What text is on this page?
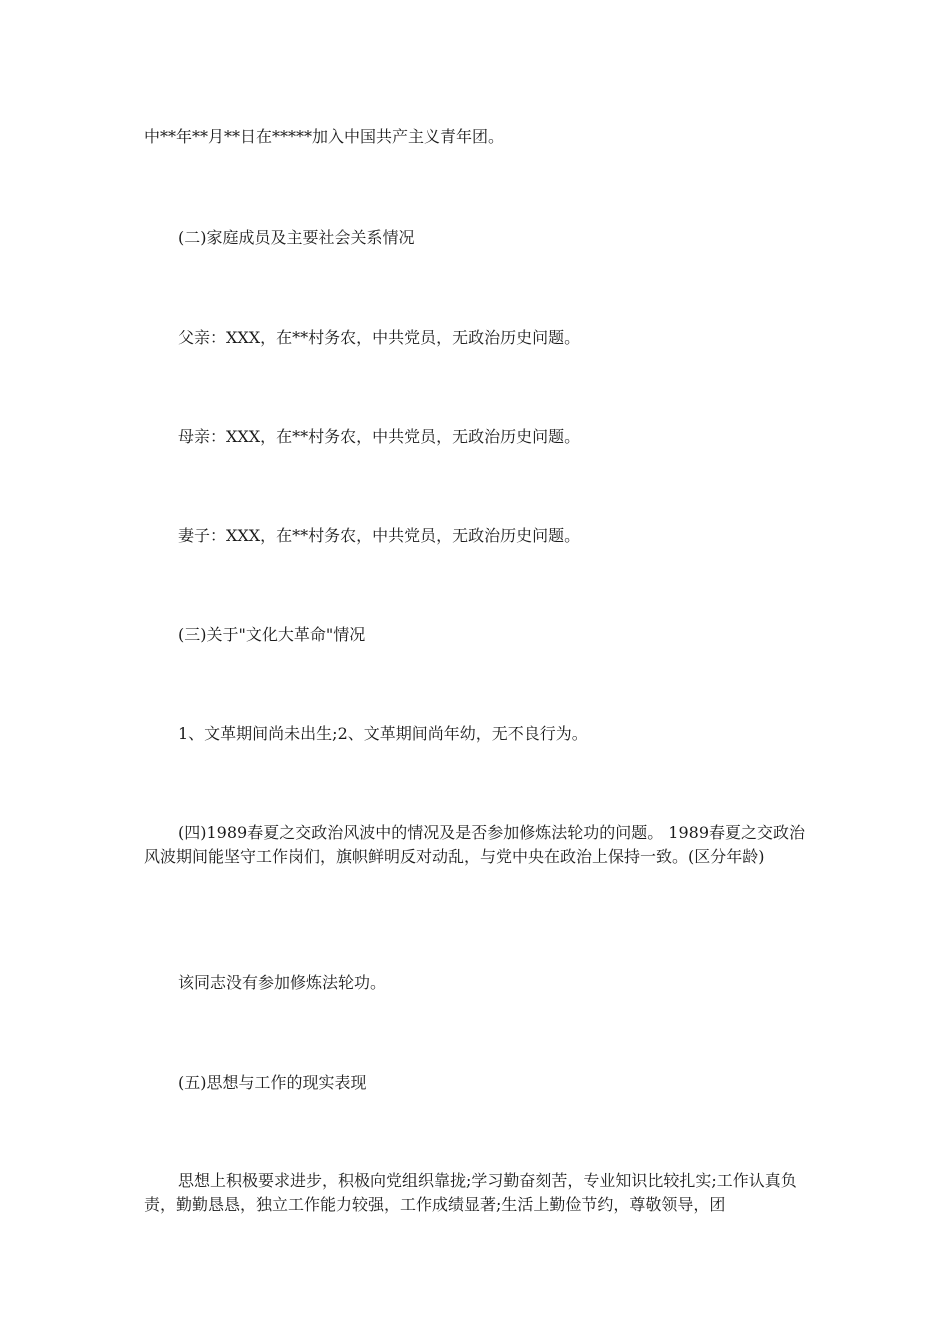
中**年**月**日在*****加入中国共产主义青年团。

(二)家庭成员及主要社会关系情况

父亲：XXX，在**村务农，中共党员，无政治历史问题。

母亲：XXX，在**村务农，中共党员，无政治历史问题。

妻子：XXX，在**村务农，中共党员，无政治历史问题。

(三)关于"文化大革命"情况

1、文革期间尚未出生;2、文革期间尚年幼，无不良行为。

(四)1989春夏之交政治风波中的情况及是否参加修炼法轮功的问题。 1989春夏之交政治风波期间能坚守工作岗们，旗帜鲜明反对动乱，与党中央在政治上保持一致。(区分年龄)

该同志没有参加修炼法轮功。

(五)思想与工作的现实表现

思想上积极要求进步，积极向党组织靠拢;学习勤奋刻苦，专业知识比较扎实;工作认真负责，勤勤恳恳，独立工作能力较强，工作成绩显著;生活上勤俭节约，尊敬领导，团
